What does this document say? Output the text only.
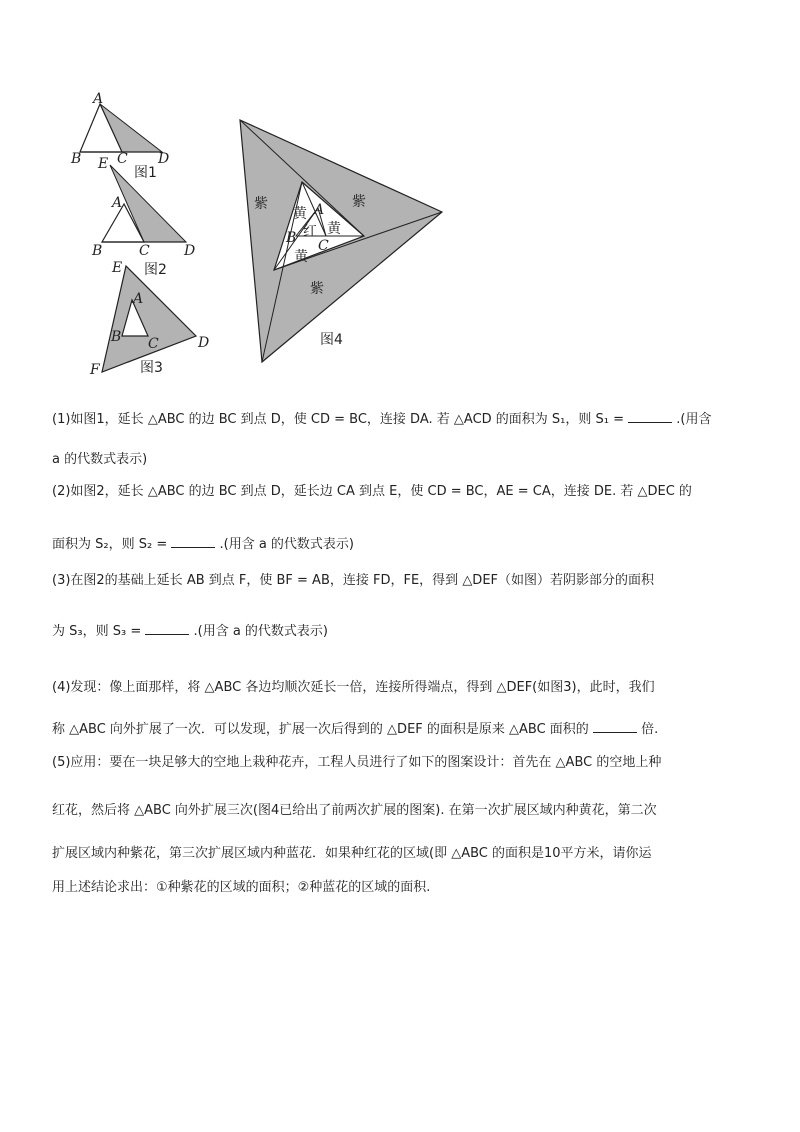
A
B	C D
图1
E
A
B	C D
图2
E
A
B C	D
F	图3
紫	紫
紫
黄
黄
黄
红
A
B C
图4
(1)如图1，延长 △ABC 的边 BC 到点 D，使 CD = BC，连接 DA. 若 △ACD 的面积为 S₁，则 S₁ =	.(用含
a 的代数式表示)
(2)如图2，延长 △ABC 的边 BC 到点 D，延长边 CA 到点 E，使 CD = BC，AE = CA，连接 DE. 若 △DEC 的
面积为 S₂，则 S₂ =	.(用含 a 的代数式表示)
(3)在图2的基础上延长 AB 到点 F，使 BF = AB，连接 FD，FE，得到 △DEF（如图）若阴影部分的面积
为 S₃，则 S₃ =	.(用含 a 的代数式表示)
(4)发现：像上面那样，将 △ABC 各边均顺次延长一倍，连接所得端点，得到 △DEF(如图3)，此时，我们
称 △ABC 向外扩展了一次．可以发现，扩展一次后得到的 △DEF 的面积是原来 △ABC 面积的	倍.
(5)应用：要在一块足够大的空地上栽种花卉，工程人员进行了如下的图案设计：首先在 △ABC 的空地上种
红花，然后将 △ABC 向外扩展三次(图4已给出了前两次扩展的图案). 在第一次扩展区域内种黄花，第二次
扩展区域内种紫花，第三次扩展区域内种蓝花．如果种红花的区域(即 △ABC 的面积是10平方米，请你运
用上述结论求出：①种紫花的区域的面积；②种蓝花的区域的面积.
